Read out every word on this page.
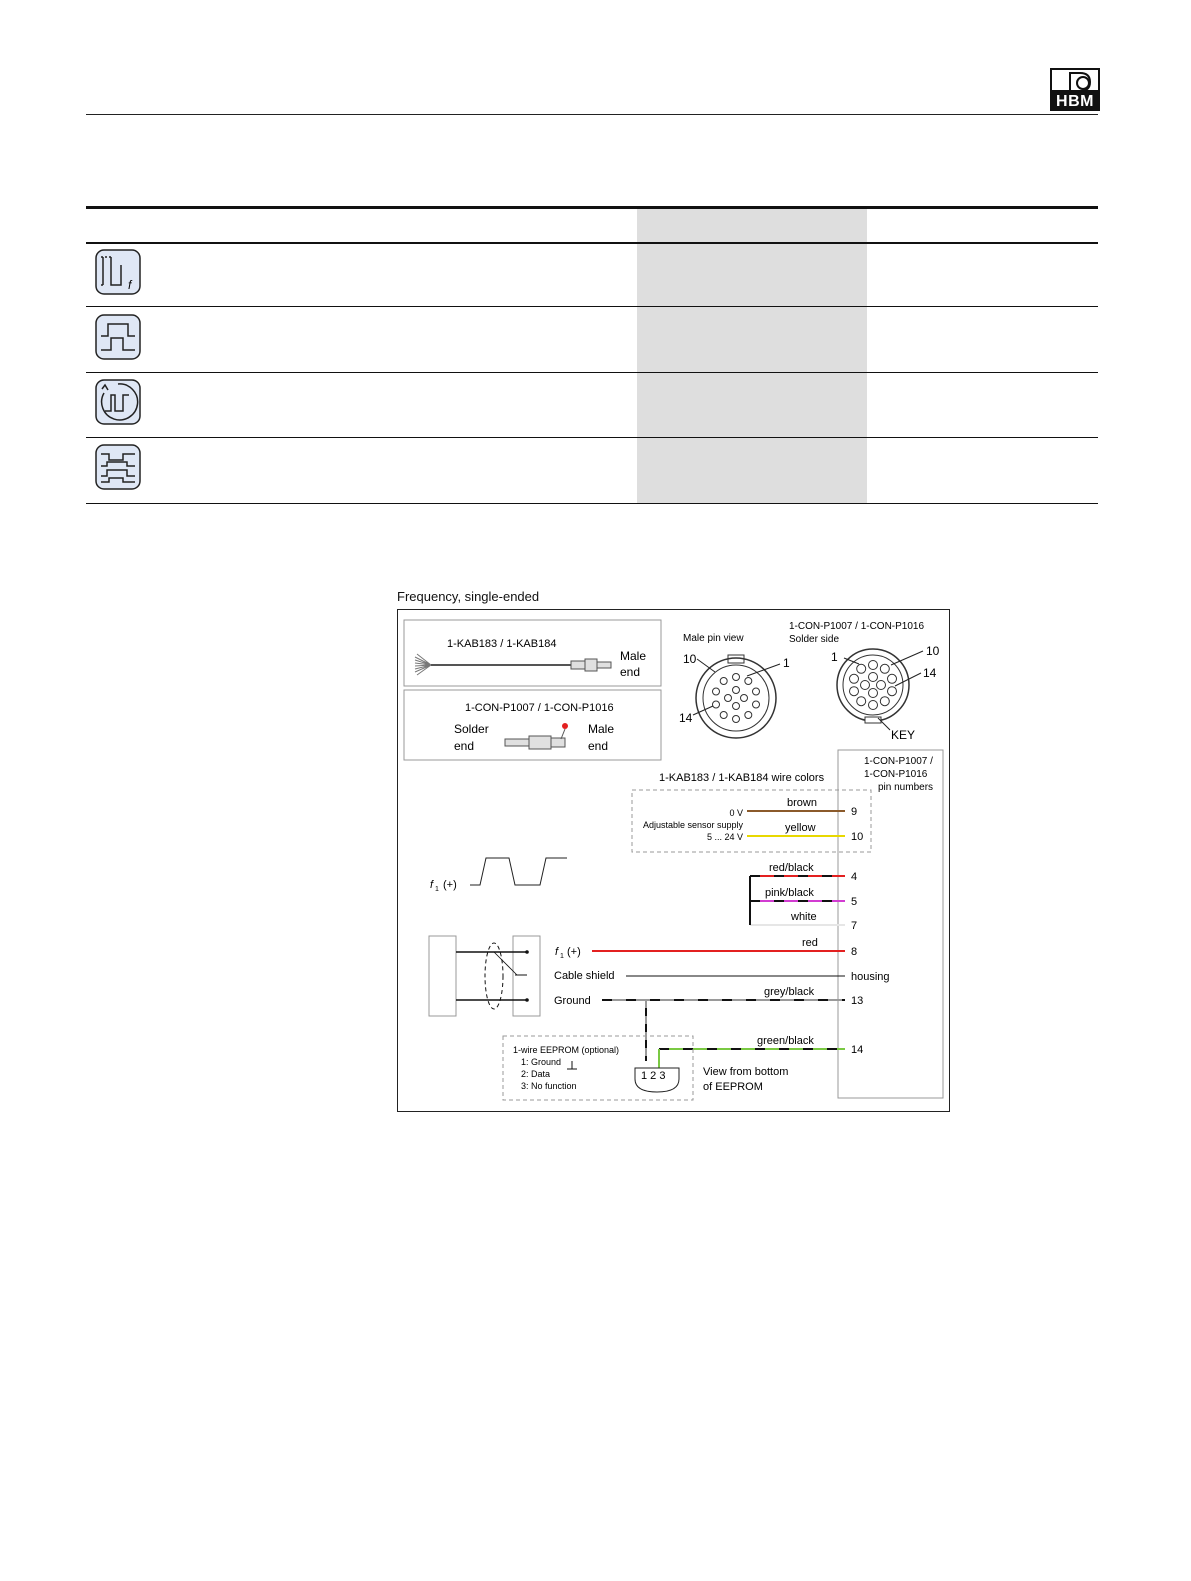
HBM
f
Frequency, single-ended
1-KAB183 / 1-KAB184
Male
end
1-CON-P1007 / 1-CON-P1016
Solder
end
Male
end
Male pin view
10	1
14
1-CON-P1007 / 1-CON-P1016
Solder side
1	10
14
KEY
1-CON-P1007 /
1-CON-P1016
pin numbers
1-KAB183 / 1-KAB184 wire colors
0 V
Adjustable sensor supply
5 ... 24 V
f 1 (+)
f 1 (+)
Cable shield
Ground
housing
brown
9
yellow
10
red/black
4
pink/black
5
white
7
red
8
grey/black
13
green/black
14
1-wire EEPROM (optional)
1: Ground
2: Data
3: No function
1 2 3	View from bottom
of EEPROM
